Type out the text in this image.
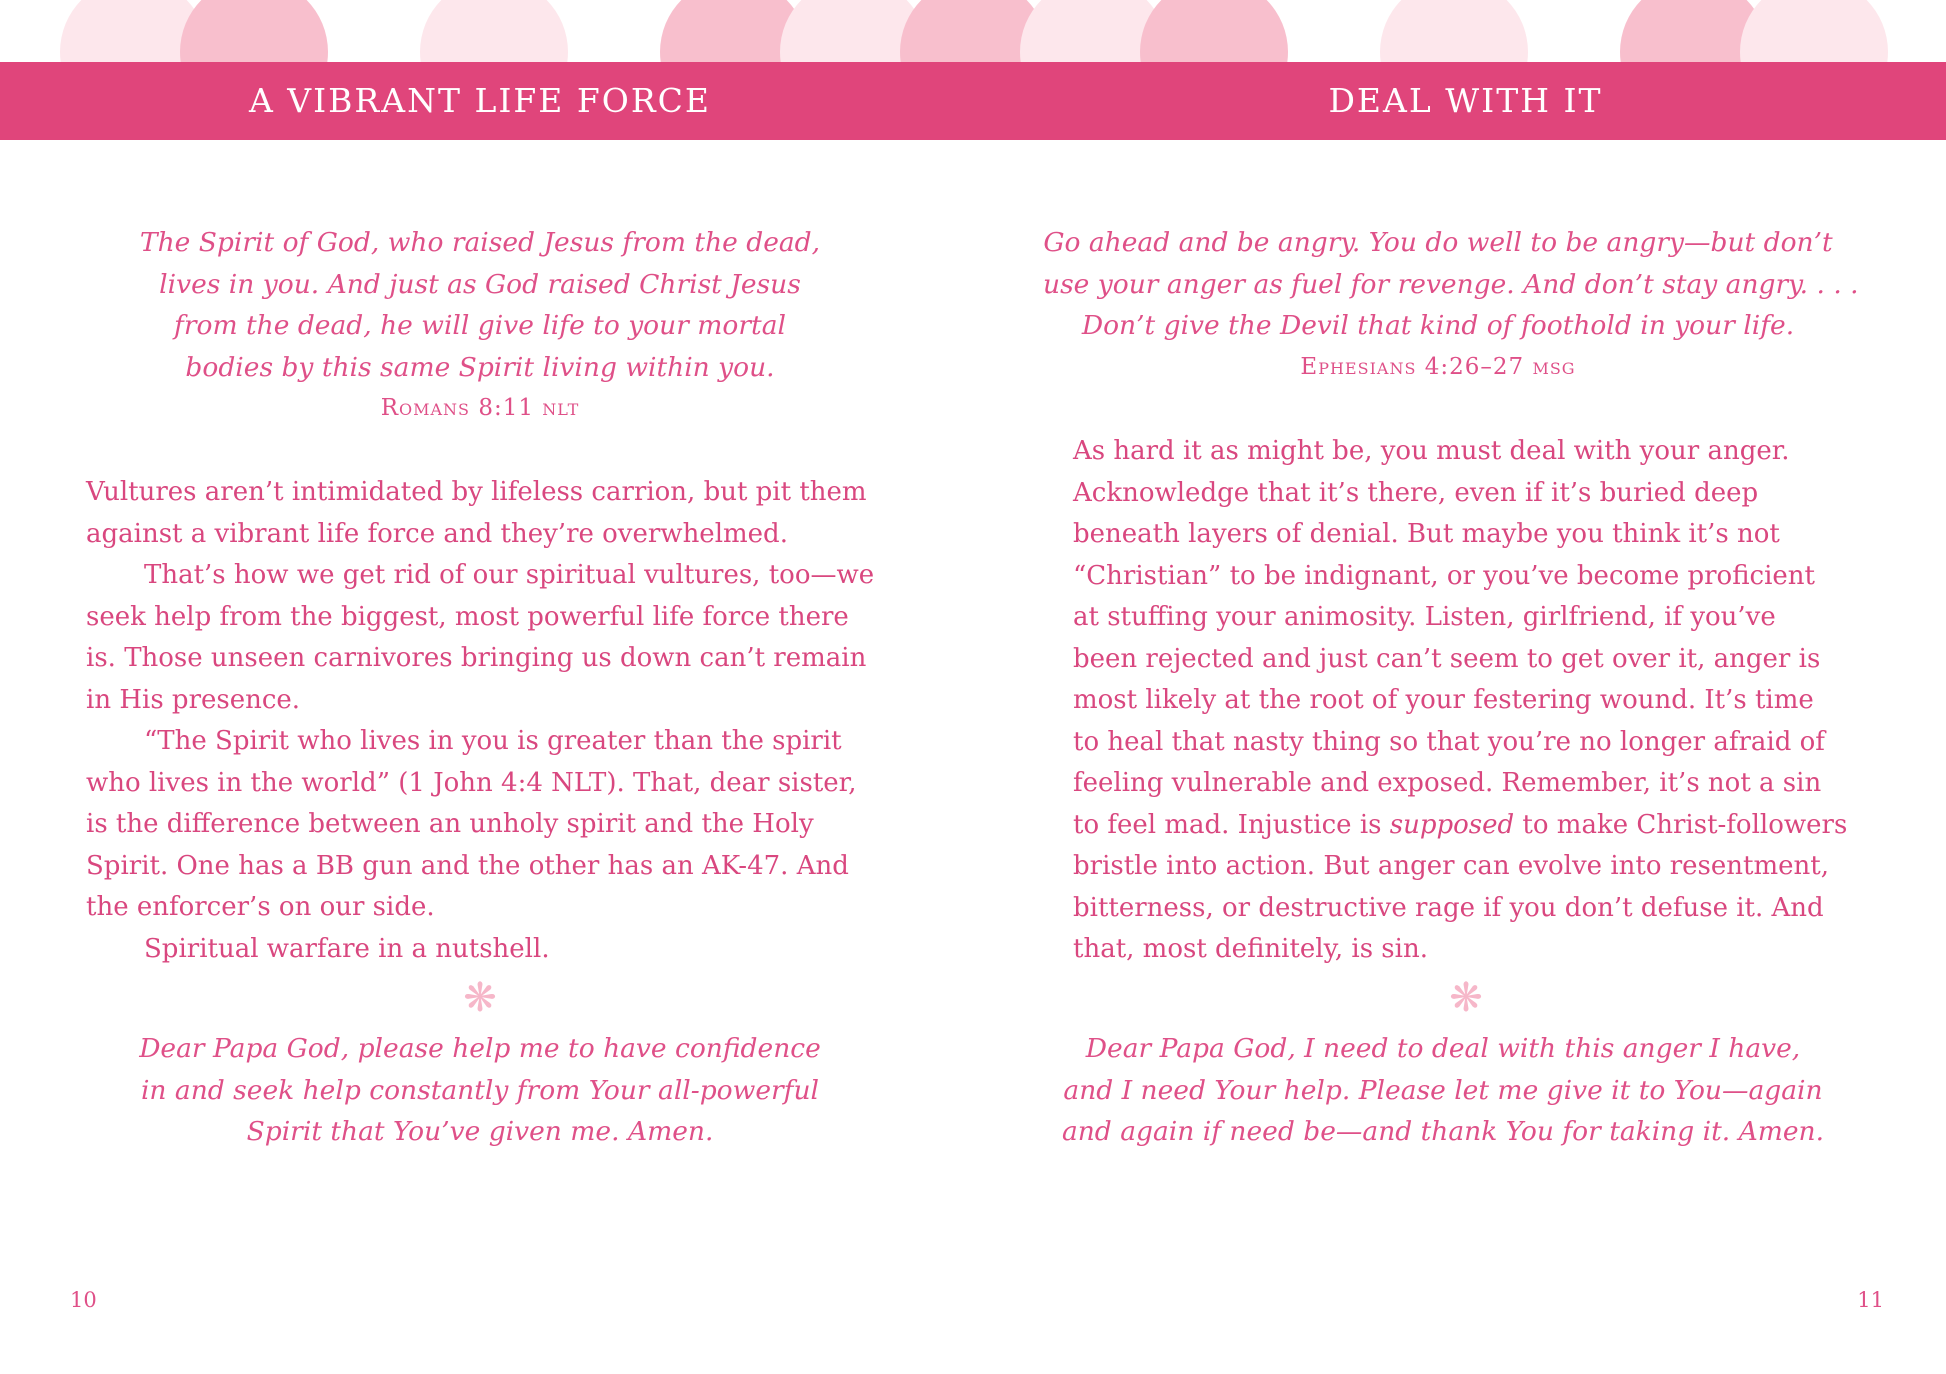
A VIBRANT LIFE FORCE	DEAL WITH IT
The Spirit of God, who raised Jesus from the dead,
lives in you. And just as God raised Christ Jesus
from the dead, he will give life to your mortal
bodies by this same Spirit living within you.
Romans 8:11 nlt

Vultures aren’t intimidated by lifeless carrion, but pit them

against a vibrant life force and they’re overwhelmed.

That’s how we get rid of our spiritual vultures, too—we

seek help from the biggest, most powerful life force there

is. Those unseen carnivores bringing us down can’t remain

in His presence.

“The Spirit who lives in you is greater than the spirit

who lives in the world” (1 John 4:4 NLT). That, dear sister,

is the difference between an unholy spirit and the Holy

Spirit. One has a BB gun and the other has an AK-47. And

the enforcer’s on our side.

Spiritual warfare in a nutshell.

❋
Dear Papa God, please help me to have confidence
in and seek help constantly from Your all-powerful
Spirit that You’ve given me. Amen.
10
Go ahead and be angry. You do well to be angry—but don’t
use your anger as fuel for revenge. And don’t stay angry. . . .
Don’t give the Devil that kind of foothold in your life.
Ephesians 4:26–27 msg

As hard it as might be, you must deal with your anger.

Acknowledge that it’s there, even if it’s buried deep

beneath layers of denial. But maybe you think it’s not

“Christian” to be indignant, or you’ve become proficient

at stuffing your animosity. Listen, girlfriend, if you’ve

been rejected and just can’t seem to get over it, anger is

most likely at the root of your festering wound. It’s time

to heal that nasty thing so that you’re no longer afraid of

feeling vulnerable and exposed. Remember, it’s not a sin

to feel mad. Injustice is supposed to make Christ-followers

bristle into action. But anger can evolve into resentment,

bitterness, or destructive rage if you don’t defuse it. And

that, most definitely, is sin.

❋
Dear Papa God, I need to deal with this anger I have,
and I need Your help. Please let me give it to You—again
and again if need be—and thank You for taking it. Amen.
11
